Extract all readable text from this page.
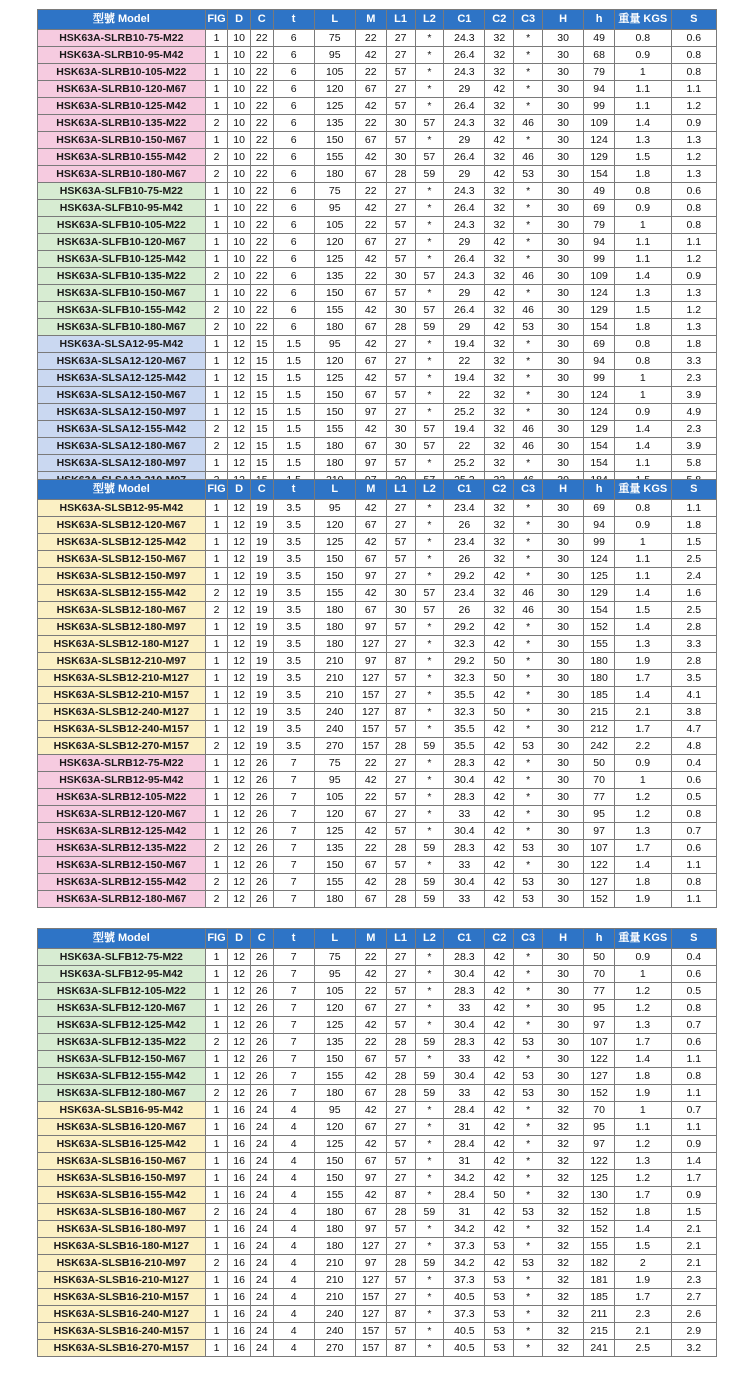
型號 Model	FIG	D	C	t	L	M	L1	L2	C1	C2	C3	H	h	重量 KGS	S
HSK63A-SLRB10-75-M22	1	10	22	6	75	22	27	*	24.3	32	*	30	49	0.8	0.6
HSK63A-SLRB10-95-M42	1	10	22	6	95	42	27	*	26.4	32	*	30	68	0.9	0.8
HSK63A-SLRB10-105-M22	1	10	22	6	105	22	57	*	24.3	32	*	30	79	1	0.8
HSK63A-SLRB10-120-M67	1	10	22	6	120	67	27	*	29	42	*	30	94	1.1	1.1
HSK63A-SLRB10-125-M42	1	10	22	6	125	42	57	*	26.4	32	*	30	99	1.1	1.2
HSK63A-SLRB10-135-M22	2	10	22	6	135	22	30	57	24.3	32	46	30	109	1.4	0.9
HSK63A-SLRB10-150-M67	1	10	22	6	150	67	57	*	29	42	*	30	124	1.3	1.3
HSK63A-SLRB10-155-M42	2	10	22	6	155	42	30	57	26.4	32	46	30	129	1.5	1.2
HSK63A-SLRB10-180-M67	2	10	22	6	180	67	28	59	29	42	53	30	154	1.8	1.3
HSK63A-SLFB10-75-M22	1	10	22	6	75	22	27	*	24.3	32	*	30	49	0.8	0.6
HSK63A-SLFB10-95-M42	1	10	22	6	95	42	27	*	26.4	32	*	30	69	0.9	0.8
HSK63A-SLFB10-105-M22	1	10	22	6	105	22	57	*	24.3	32	*	30	79	1	0.8
HSK63A-SLFB10-120-M67	1	10	22	6	120	67	27	*	29	42	*	30	94	1.1	1.1
HSK63A-SLFB10-125-M42	1	10	22	6	125	42	57	*	26.4	32	*	30	99	1.1	1.2
HSK63A-SLFB10-135-M22	2	10	22	6	135	22	30	57	24.3	32	46	30	109	1.4	0.9
HSK63A-SLFB10-150-M67	1	10	22	6	150	67	57	*	29	42	*	30	124	1.3	1.3
HSK63A-SLFB10-155-M42	2	10	22	6	155	42	30	57	26.4	32	46	30	129	1.5	1.2
HSK63A-SLFB10-180-M67	2	10	22	6	180	67	28	59	29	42	53	30	154	1.8	1.3
HSK63A-SLSA12-95-M42	1	12	15	1.5	95	42	27	*	19.4	32	*	30	69	0.8	1.8
HSK63A-SLSA12-120-M67	1	12	15	1.5	120	67	27	*	22	32	*	30	94	0.8	3.3
HSK63A-SLSA12-125-M42	1	12	15	1.5	125	42	57	*	19.4	32	*	30	99	1	2.3
HSK63A-SLSA12-150-M67	1	12	15	1.5	150	67	57	*	22	32	*	30	124	1	3.9
HSK63A-SLSA12-150-M97	1	12	15	1.5	150	97	27	*	25.2	32	*	30	124	0.9	4.9
HSK63A-SLSA12-155-M42	2	12	15	1.5	155	42	30	57	19.4	32	46	30	129	1.4	2.3
HSK63A-SLSA12-180-M67	2	12	15	1.5	180	67	30	57	22	32	46	30	154	1.4	3.9
HSK63A-SLSA12-180-M97	1	12	15	1.5	180	97	57	*	25.2	32	*	30	154	1.1	5.8

型號 Model	FIG	D	C	t	L	M	L1	L2	C1	C2	C3	H	h	重量 KGS	S
HSK63A-SLSB12-95-M42	1	12	19	3.5	95	42	27	*	23.4	32	*	30	69	0.8	1.1
HSK63A-SLSB12-120-M67	1	12	19	3.5	120	67	27	*	26	32	*	30	94	0.9	1.8
HSK63A-SLSB12-125-M42	1	12	19	3.5	125	42	57	*	23.4	32	*	30	99	1	1.5
HSK63A-SLSB12-150-M67	1	12	19	3.5	150	67	57	*	26	32	*	30	124	1.1	2.5
HSK63A-SLSB12-150-M97	1	12	19	3.5	150	97	27	*	29.2	42	*	30	125	1.1	2.4
HSK63A-SLSB12-155-M42	2	12	19	3.5	155	42	30	57	23.4	32	46	30	129	1.4	1.6
HSK63A-SLSB12-180-M67	2	12	19	3.5	180	67	30	57	26	32	46	30	154	1.5	2.5
HSK63A-SLSB12-180-M97	1	12	19	3.5	180	97	57	*	29.2	42	*	30	152	1.4	2.8
HSK63A-SLSB12-180-M127	1	12	19	3.5	180	127	27	*	32.3	42	*	30	155	1.3	3.3
HSK63A-SLSB12-210-M97	1	12	19	3.5	210	97	87	*	29.2	50	*	30	180	1.9	2.8
HSK63A-SLSB12-210-M127	1	12	19	3.5	210	127	57	*	32.3	50	*	30	180	1.7	3.5
HSK63A-SLSB12-210-M157	1	12	19	3.5	210	157	27	*	35.5	42	*	30	185	1.4	4.1
HSK63A-SLSB12-240-M127	1	12	19	3.5	240	127	87	*	32.3	50	*	30	215	2.1	3.8
HSK63A-SLSB12-240-M157	1	12	19	3.5	240	157	57	*	35.5	42	*	30	212	1.7	4.7
HSK63A-SLSB12-270-M157	2	12	19	3.5	270	157	28	59	35.5	42	53	30	242	2.2	4.8
HSK63A-SLRB12-75-M22	1	12	26	7	75	22	27	*	28.3	42	*	30	50	0.9	0.4
HSK63A-SLRB12-95-M42	1	12	26	7	95	42	27	*	30.4	42	*	30	70	1	0.6
HSK63A-SLRB12-105-M22	1	12	26	7	105	22	57	*	28.3	42	*	30	77	1.2	0.5
HSK63A-SLRB12-120-M67	1	12	26	7	120	67	27	*	33	42	*	30	95	1.2	0.8
HSK63A-SLRB12-125-M42	1	12	26	7	125	42	57	*	30.4	42	*	30	97	1.3	0.7
HSK63A-SLRB12-135-M22	2	12	26	7	135	22	28	59	28.3	42	53	30	107	1.7	0.6
HSK63A-SLRB12-150-M67	1	12	26	7	150	67	57	*	33	42	*	30	122	1.4	1.1
HSK63A-SLRB12-155-M42	2	12	26	7	155	42	28	59	30.4	42	53	30	127	1.8	0.8
HSK63A-SLRB12-180-M67	2	12	26	7	180	67	28	59	33	42	53	30	152	1.9	1.1
型號 Model	FIG	D	C	t	L	M	L1	L2	C1	C2	C3	H	h	重量 KGS	S
HSK63A-SLFB12-75-M22	1	12	26	7	75	22	27	*	28.3	42	*	30	50	0.9	0.4
HSK63A-SLFB12-95-M42	1	12	26	7	95	42	27	*	30.4	42	*	30	70	1	0.6
HSK63A-SLFB12-105-M22	1	12	26	7	105	22	57	*	28.3	42	*	30	77	1.2	0.5
HSK63A-SLFB12-120-M67	1	12	26	7	120	67	27	*	33	42	*	30	95	1.2	0.8
HSK63A-SLFB12-125-M42	1	12	26	7	125	42	57	*	30.4	42	*	30	97	1.3	0.7
HSK63A-SLFB12-135-M22	2	12	26	7	135	22	28	59	28.3	42	53	30	107	1.7	0.6
HSK63A-SLFB12-150-M67	1	12	26	7	150	67	57	*	33	42	*	30	122	1.4	1.1
HSK63A-SLFB12-155-M42	1	12	26	7	155	42	28	59	30.4	42	53	30	127	1.8	0.8
HSK63A-SLFB12-180-M67	2	12	26	7	180	67	28	59	33	42	53	30	152	1.9	1.1
HSK63A-SLSB16-95-M42	1	16	24	4	95	42	27	*	28.4	42	*	32	70	1	0.7
HSK63A-SLSB16-120-M67	1	16	24	4	120	67	27	*	31	42	*	32	95	1.1	1.1
HSK63A-SLSB16-125-M42	1	16	24	4	125	42	57	*	28.4	42	*	32	97	1.2	0.9
HSK63A-SLSB16-150-M67	1	16	24	4	150	67	57	*	31	42	*	32	122	1.3	1.4
HSK63A-SLSB16-150-M97	1	16	24	4	150	97	27	*	34.2	42	*	32	125	1.2	1.7
HSK63A-SLSB16-155-M42	1	16	24	4	155	42	87	*	28.4	50	*	32	130	1.7	0.9
HSK63A-SLSB16-180-M67	2	16	24	4	180	67	28	59	31	42	53	32	152	1.8	1.5
HSK63A-SLSB16-180-M97	1	16	24	4	180	97	57	*	34.2	42	*	32	152	1.4	2.1
HSK63A-SLSB16-180-M127	1	16	24	4	180	127	27	*	37.3	53	*	32	155	1.5	2.1
HSK63A-SLSB16-210-M97	2	16	24	4	210	97	28	59	34.2	42	53	32	182	2	2.1
HSK63A-SLSB16-210-M127	1	16	24	4	210	127	57	*	37.3	53	*	32	181	1.9	2.3
HSK63A-SLSB16-210-M157	1	16	24	4	210	157	27	*	40.5	53	*	32	185	1.7	2.7
HSK63A-SLSB16-240-M127	1	16	24	4	240	127	87	*	37.3	53	*	32	211	2.3	2.6
HSK63A-SLSB16-240-M157	1	16	24	4	240	157	57	*	40.5	53	*	32	215	2.1	2.9
HSK63A-SLSB16-270-M157	1	16	24	4	270	157	87	*	40.5	53	*	32	241	2.5	3.2
